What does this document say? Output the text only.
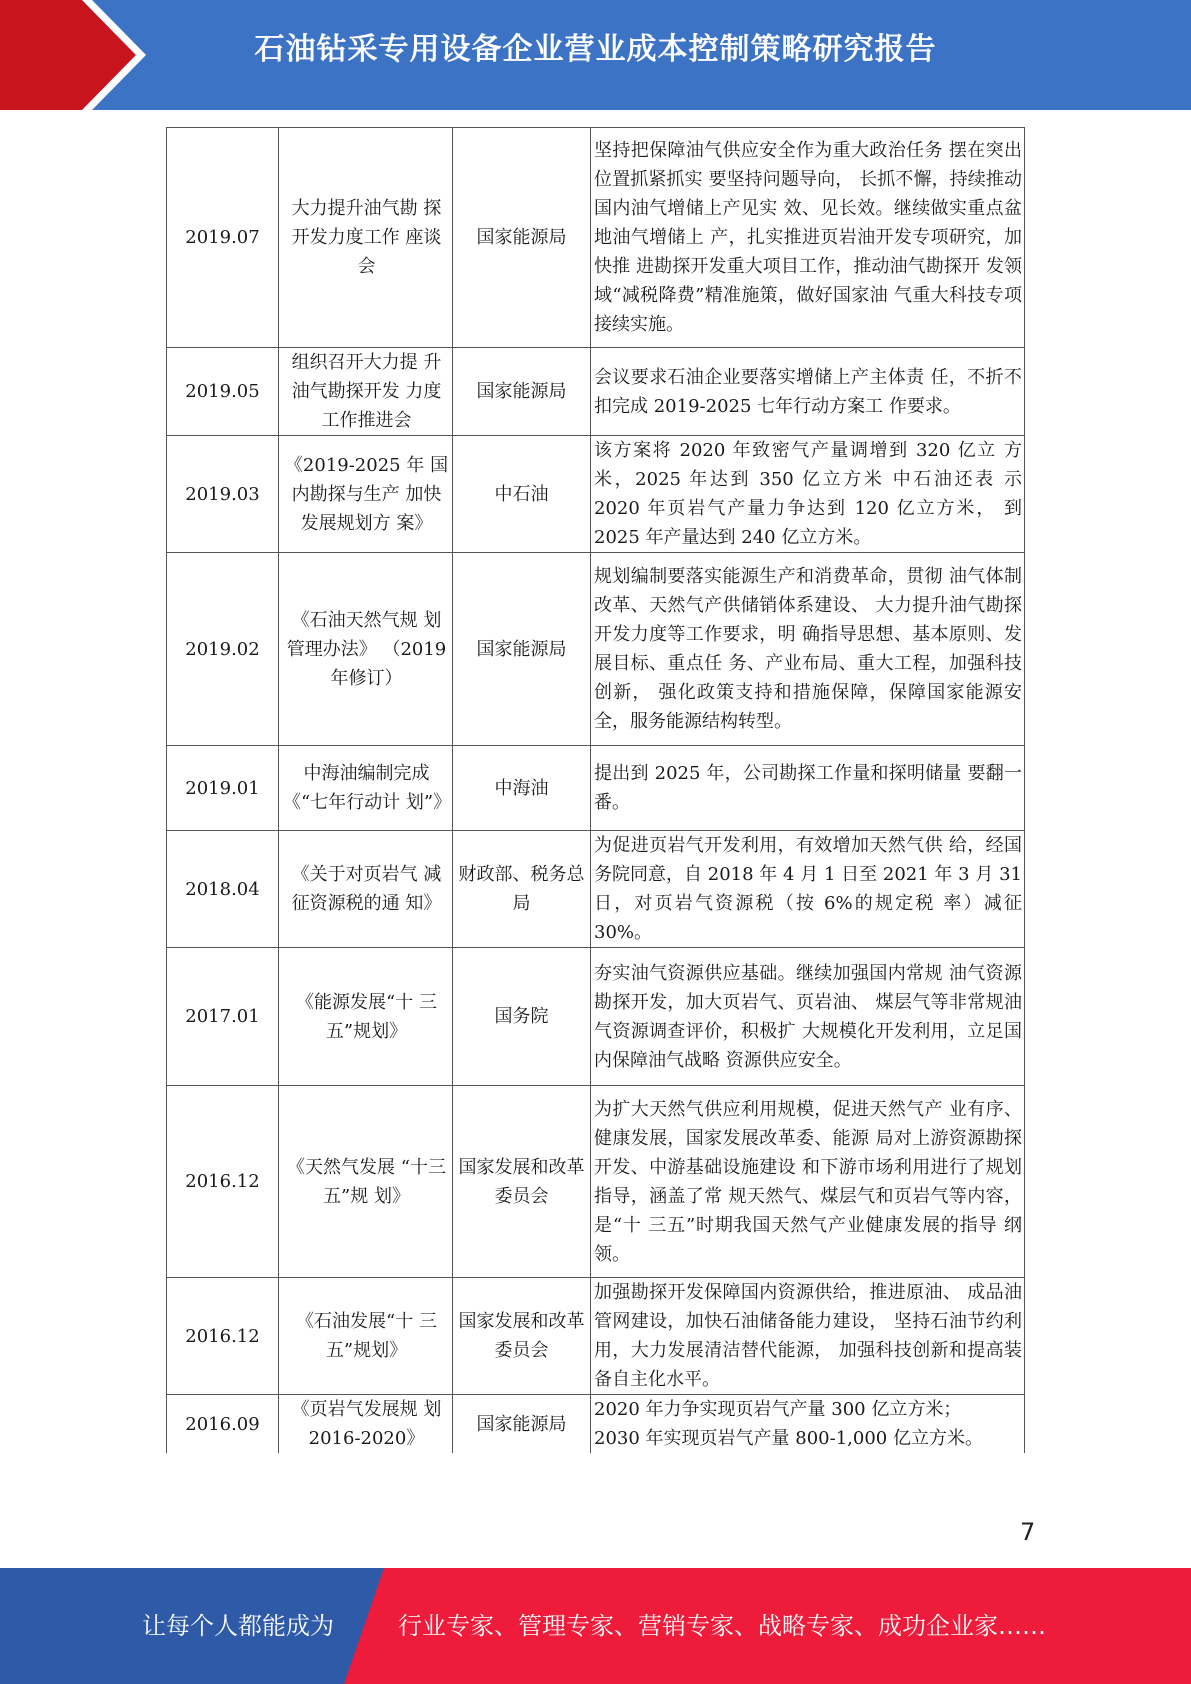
石油钻采专用设备企业营业成本控制策略研究报告
2019.07	大力提升油气勘 探开发力度工作 座谈会	国家能源局	坚持把保障油气供应安全作为重大政治任务 摆在突出位置抓紧抓实 要坚持问题导向， 长抓不懈，持续推动国内油气增储上产见实 效、见长效。继续做实重点盆地油气增储上 产，扎实推进页岩油开发专项研究，加快推 进勘探开发重大项目工作，推动油气勘探开 发领域“减税降费”精准施策，做好国家油 气重大科技专项接续实施。
2019.05	组织召开大力提 升油气勘探开发 力度工作推进会	国家能源局	会议要求石油企业要落实增储上产主体责 任，不折不扣完成 2019-2025 七年行动方案工 作要求。
2019.03	《2019-2025 年 国内勘探与生产 加快发展规划方 案》	中石油	该方案将 2020 年致密气产量调增到 320 亿立 方米，2025 年达到 350 亿立方米 中石油还表 示 2020 年页岩气产量力争达到 120 亿立方米， 到 2025 年产量达到 240 亿立方米。
2019.02	《石油天然气规 划管理办法》 （2019 年修订）	国家能源局	规划编制要落实能源生产和消费革命，贯彻 油气体制改革、天然气产供储销体系建设、 大力提升油气勘探开发力度等工作要求，明 确指导思想、基本原则、发展目标、重点任 务、产业布局、重大工程，加强科技创新， 强化政策支持和措施保障，保障国家能源安 全，服务能源结构转型。
2019.01	中海油编制完成 《“七年行动计 划”》	中海油	提出到 2025 年，公司勘探工作量和探明储量 要翻一番。
2018.04	《关于对页岩气 减征资源税的通 知》	财政部、税务总局	为促进页岩气开发利用，有效增加天然气供 给，经国务院同意，自 2018 年 4 月 1 日至 2021 年 3 月 31 日，对页岩气资源税（按 6%的规定税 率）减征 30%。
2017.01	《能源发展“十 三五”规划》	国务院	夯实油气资源供应基础。继续加强国内常规 油气资源勘探开发，加大页岩气、页岩油、 煤层气等非常规油气资源调查评价，积极扩 大规模化开发利用，立足国内保障油气战略 资源供应安全。
2016.12	《天然气发展 “十三五”规 划》	国家发展和改革委员会	为扩大天然气供应利用规模，促进天然气产 业有序、健康发展，国家发展改革委、能源 局对上游资源勘探开发、中游基础设施建设 和下游市场利用进行了规划指导，涵盖了常 规天然气、煤层气和页岩气等内容，是“十 三五”时期我国天然气产业健康发展的指导 纲领。
2016.12	《石油发展“十 三五”规划》	国家发展和改革委员会	加强勘探开发保障国内资源供给，推进原油、 成品油管网建设，加快石油储备能力建设， 坚持石油节约利用，大力发展清洁替代能源， 加强科技创新和提高装备自主化水平。
2016.09	《页岩气发展规 划 2016-2020》	国家能源局	2020 年力争实现页岩气产量 300 亿立方米；
2030 年实现页岩气产量 800-1,000 亿立方米。
7
让每个人都能成为	行业专家、管理专家、营销专家、战略专家、成功企业家……
